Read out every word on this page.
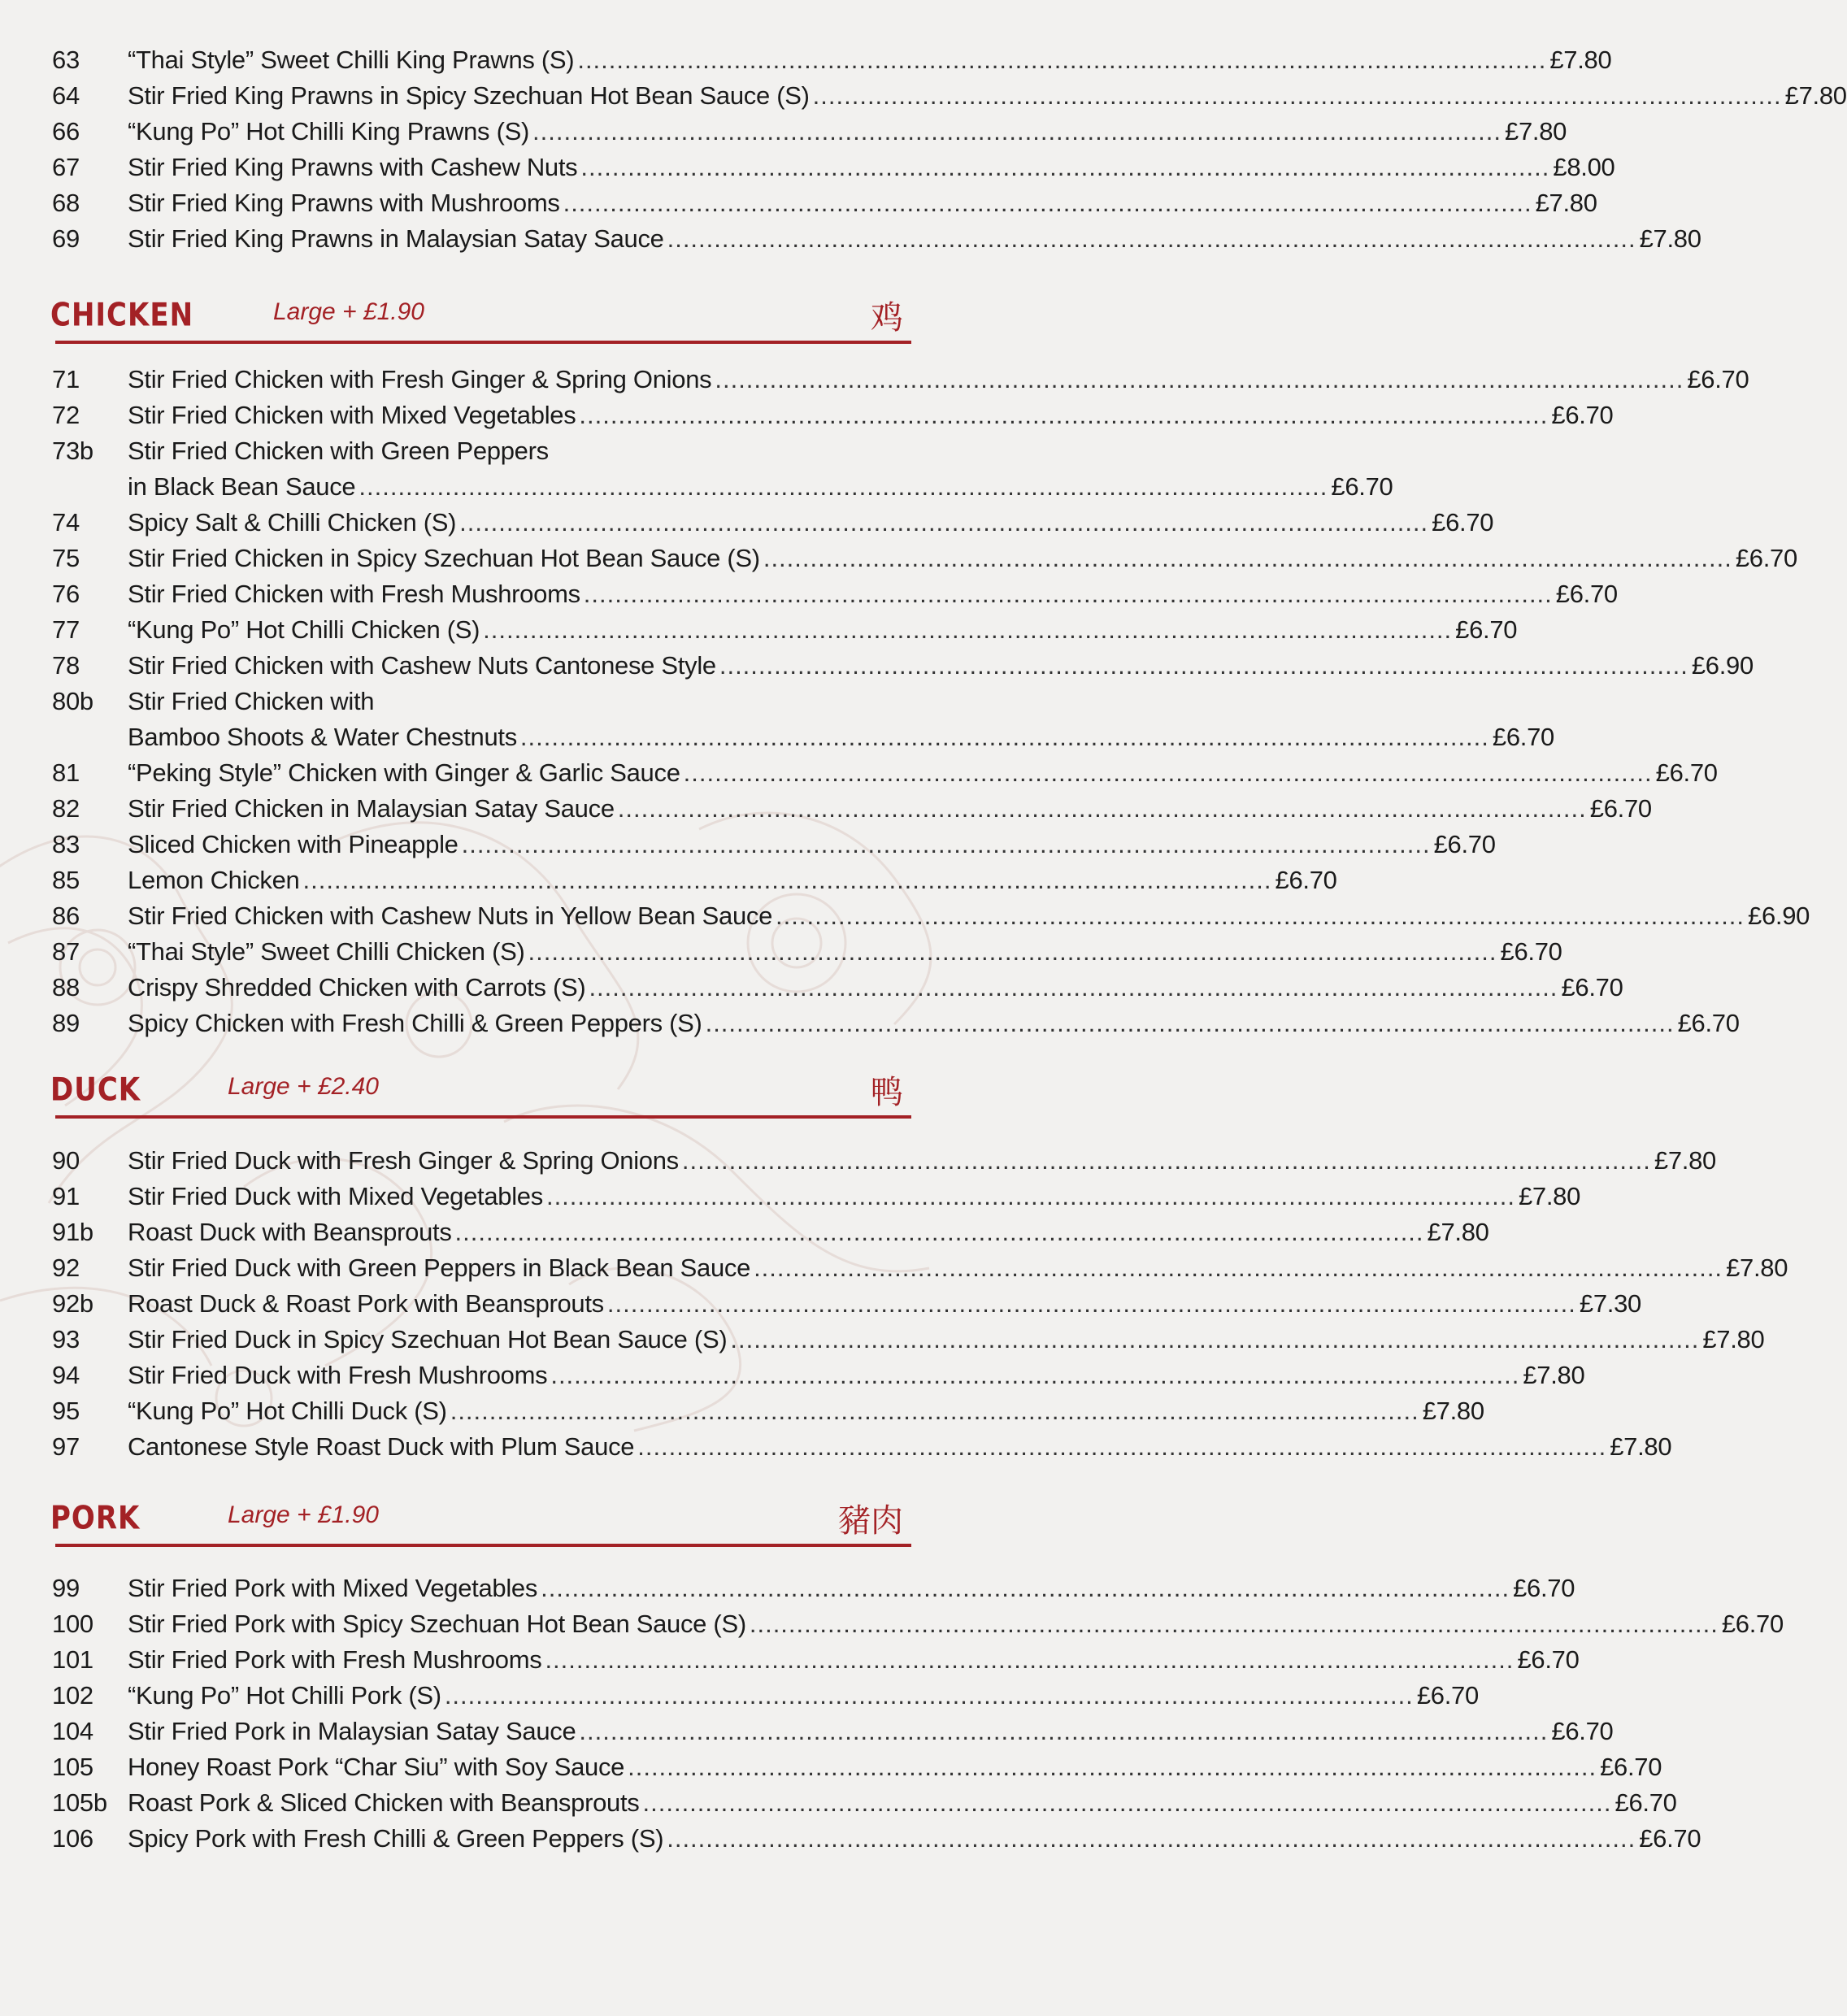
63 “Thai Style” Sweet Chilli King Prawns (S) ............................................................................................................................ £7.80
64 Stir Fried King Prawns in Spicy Szechuan Hot Bean Sauce (S) ............................................................................................................................ £7.80
66 “Kung Po” Hot Chilli King Prawns (S) ............................................................................................................................ £7.80
67 Stir Fried King Prawns with Cashew Nuts ............................................................................................................................ £8.00
68 Stir Fried King Prawns with Mushrooms ............................................................................................................................ £7.80
69 Stir Fried King Prawns in Malaysian Satay Sauce ............................................................................................................................ £7.80
CHICKEN	Large + £1.90	鸡
71 Stir Fried Chicken with Fresh Ginger & Spring Onions ............................................................................................................................ £6.70
72 Stir Fried Chicken with Mixed Vegetables ............................................................................................................................ £6.70
73b Stir Fried Chicken with Green Peppers
in Black Bean Sauce ............................................................................................................................ £6.70
74 Spicy Salt & Chilli Chicken (S) ............................................................................................................................ £6.70
75 Stir Fried Chicken in Spicy Szechuan Hot Bean Sauce (S) ............................................................................................................................ £6.70
76 Stir Fried Chicken with Fresh Mushrooms ............................................................................................................................ £6.70
77 “Kung Po” Hot Chilli Chicken (S) ............................................................................................................................ £6.70
78 Stir Fried Chicken with Cashew Nuts Cantonese Style ............................................................................................................................ £6.90
80b Stir Fried Chicken with
Bamboo Shoots & Water Chestnuts ............................................................................................................................ £6.70
81 “Peking Style” Chicken with Ginger & Garlic Sauce ............................................................................................................................ £6.70
82 Stir Fried Chicken in Malaysian Satay Sauce ............................................................................................................................ £6.70
83 Sliced Chicken with Pineapple ............................................................................................................................ £6.70
85 Lemon Chicken ............................................................................................................................ £6.70
86 Stir Fried Chicken with Cashew Nuts in Yellow Bean Sauce ............................................................................................................................ £6.90
87 “Thai Style” Sweet Chilli Chicken (S) ............................................................................................................................ £6.70
88 Crispy Shredded Chicken with Carrots (S) ............................................................................................................................ £6.70
89 Spicy Chicken with Fresh Chilli & Green Peppers (S) ............................................................................................................................ £6.70
DUCK	Large + £2.40	鸭
90 Stir Fried Duck with Fresh Ginger & Spring Onions ............................................................................................................................ £7.80
91 Stir Fried Duck with Mixed Vegetables ............................................................................................................................ £7.80
91b Roast Duck with Beansprouts ............................................................................................................................ £7.80
92 Stir Fried Duck with Green Peppers in Black Bean Sauce ............................................................................................................................ £7.80
92b Roast Duck & Roast Pork with Beansprouts ............................................................................................................................ £7.30
93 Stir Fried Duck in Spicy Szechuan Hot Bean Sauce (S) ............................................................................................................................ £7.80
94 Stir Fried Duck with Fresh Mushrooms ............................................................................................................................ £7.80
95 “Kung Po” Hot Chilli Duck (S) ............................................................................................................................ £7.80
97 Cantonese Style Roast Duck with Plum Sauce ............................................................................................................................ £7.80
PORK	Large + £1.90	豬肉
99 Stir Fried Pork with Mixed Vegetables ............................................................................................................................ £6.70
100 Stir Fried Pork with Spicy Szechuan Hot Bean Sauce (S) ............................................................................................................................ £6.70
101 Stir Fried Pork with Fresh Mushrooms ............................................................................................................................ £6.70
102 “Kung Po” Hot Chilli Pork (S) ............................................................................................................................ £6.70
104 Stir Fried Pork in Malaysian Satay Sauce ............................................................................................................................ £6.70
105 Honey Roast Pork “Char Siu” with Soy Sauce ............................................................................................................................ £6.70
105b Roast Pork & Sliced Chicken with Beansprouts ............................................................................................................................ £6.70
106 Spicy Pork with Fresh Chilli & Green Peppers (S) ............................................................................................................................ £6.70
